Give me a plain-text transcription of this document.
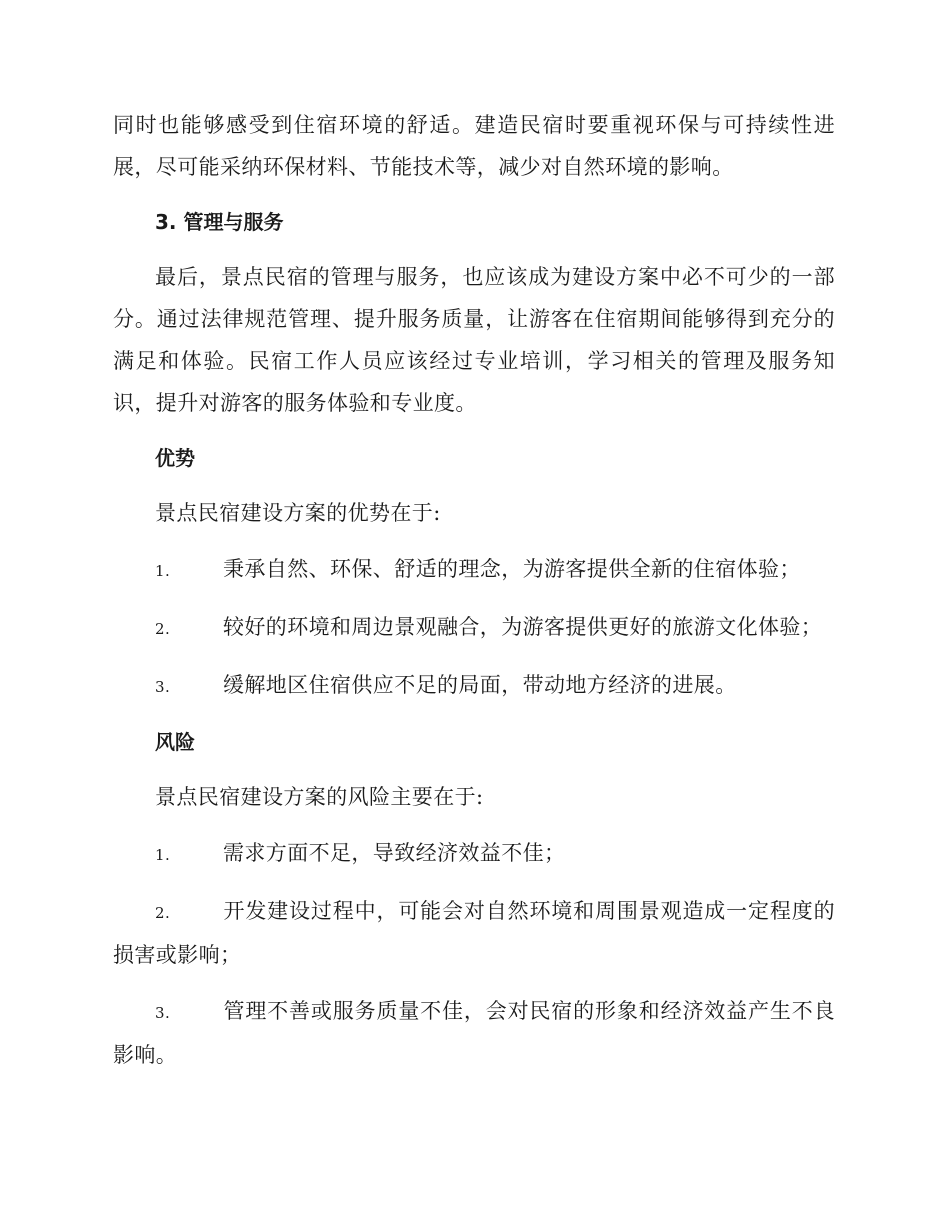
同时也能够感受到住宿环境的舒适。建造民宿时要重视环保与可持续性进展，尽可能采纳环保材料、节能技术等，减少对自然环境的影响。

3. 管理与服务

最后，景点民宿的管理与服务，也应该成为建设方案中必不可少的一部分。通过法律规范管理、提升服务质量，让游客在住宿期间能够得到充分的满足和体验。民宿工作人员应该经过专业培训，学习相关的管理及服务知识，提升对游客的服务体验和专业度。

优势

景点民宿建设方案的优势在于:

1.	秉承自然、环保、舒适的理念，为游客提供全新的住宿体验；

2.	较好的环境和周边景观融合，为游客提供更好的旅游文化体验；

3.	缓解地区住宿供应不足的局面，带动地方经济的进展。

风险

景点民宿建设方案的风险主要在于:

1.	需求方面不足，导致经济效益不佳；

2.	开发建设过程中，可能会对自然环境和周围景观造成一定程度的损害或影响；

3.	管理不善或服务质量不佳，会对民宿的形象和经济效益产生不良影响。
